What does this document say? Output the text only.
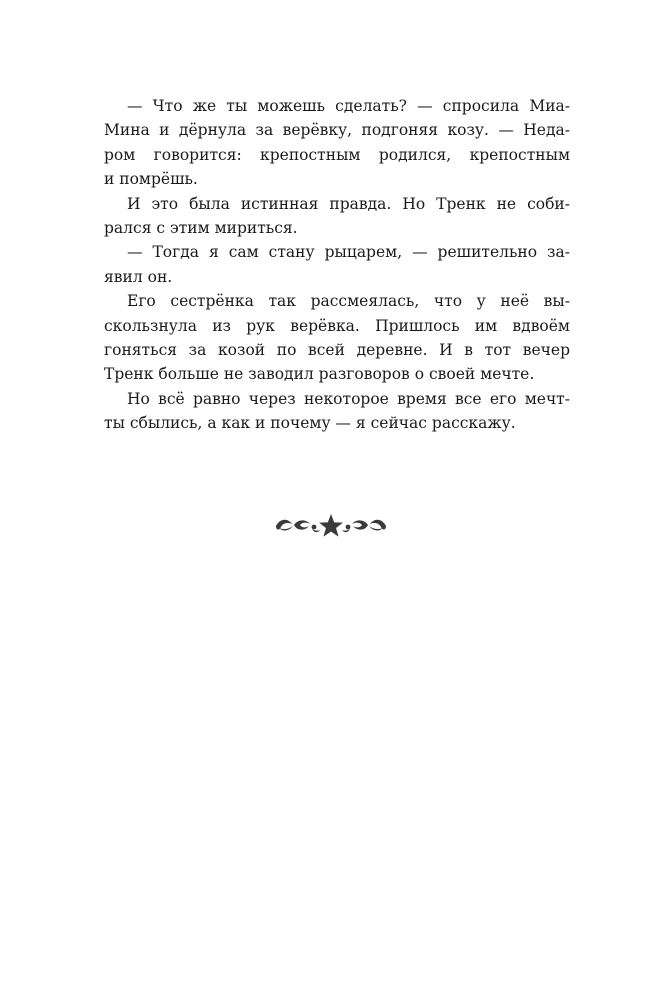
— Что же ты можешь сделать? — спросила Миа-
Мина и дёрнула за верёвку, подгоняя козу. — Неда-
ром говорится: крепостным родился, крепостным
и помрёшь.
И это была истинная правда. Но Тренк не соби-
рался с этим мириться.
— Тогда я сам стану рыцарем, — решительно за-
явил он.
Его сестрёнка так рассмеялась, что у неё вы-
скользнула из рук верёвка. Пришлось им вдвоём
гоняться за козой по всей деревне. И в тот вечер
Тренк больше не заводил разговоров о своей мечте.
Но всё равно через некоторое время все его мечт-
ты сбылись, а как и почему — я сейчас расскажу.
